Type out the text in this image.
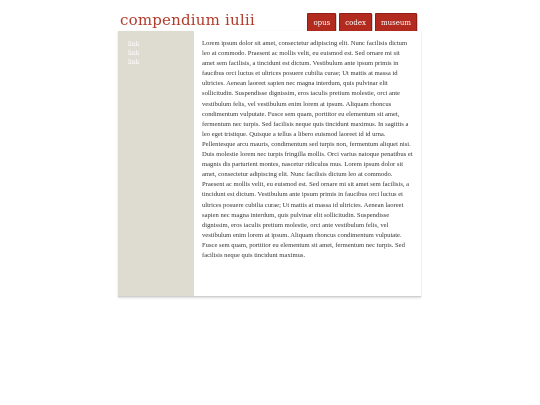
compendium iulii	opus	codex	museum
link
link
link

Lorem ipsum dolor sit amet, consectetur adipiscing elit. Nunc facilisis dictum leo at commodo. Praesent ac mollis velit, eu euismod est. Sed ornare mi sit amet sem facilisis, a tincidunt est dictum. Vestibulum ante ipsum primis in faucibus orci luctus et ultrices posuere cubilia curae; Ut mattis at massa id ultricies. Aenean laoreet sapien nec magna interdum, quis pulvinar elit sollicitudin. Suspendisse dignissim, eros iaculis pretium molestie, orci ante vestibulum felis, vel vestibulum enim lorem at ipsum. Aliquam rhoncus condimentum vulputate. Fusce sem quam, porttitor eu elementum sit amet, fermentum nec turpis. Sed facilisis neque quis tincidunt maximus. In sagittis a leo eget tristique. Quisque a tellus a libero euismod laoreet id id urna. Pellentesque arcu mauris, condimentum sed turpis non, fermentum aliquet nisi. Duis molestie lorem nec turpis fringilla mollis. Orci varius natoque penatibus et magnis dis parturient montes, nascetur ridiculus mus. Lorem ipsum dolor sit amet, consectetur adipiscing elit. Nunc facilisis dictum leo at commodo. Praesent ac mollis velit, eu euismod est. Sed ornare mi sit amet sem facilisis, a tincidunt est dictum. Vestibulum ante ipsum primis in faucibus orci luctus et ultrices posuere cubilia curae; Ut mattis at massa id ultricies. Aenean laoreet sapien nec magna interdum, quis pulvinar elit sollicitudin. Suspendisse dignissim, eros iaculis pretium molestie, orci ante vestibulum felis, vel vestibulum enim lorem at ipsum. Aliquam rhoncus condimentum vulputate. Fusce sem quam, porttitor eu elementum sit amet, fermentum nec turpis. Sed facilisis neque quis tincidunt maximus.
